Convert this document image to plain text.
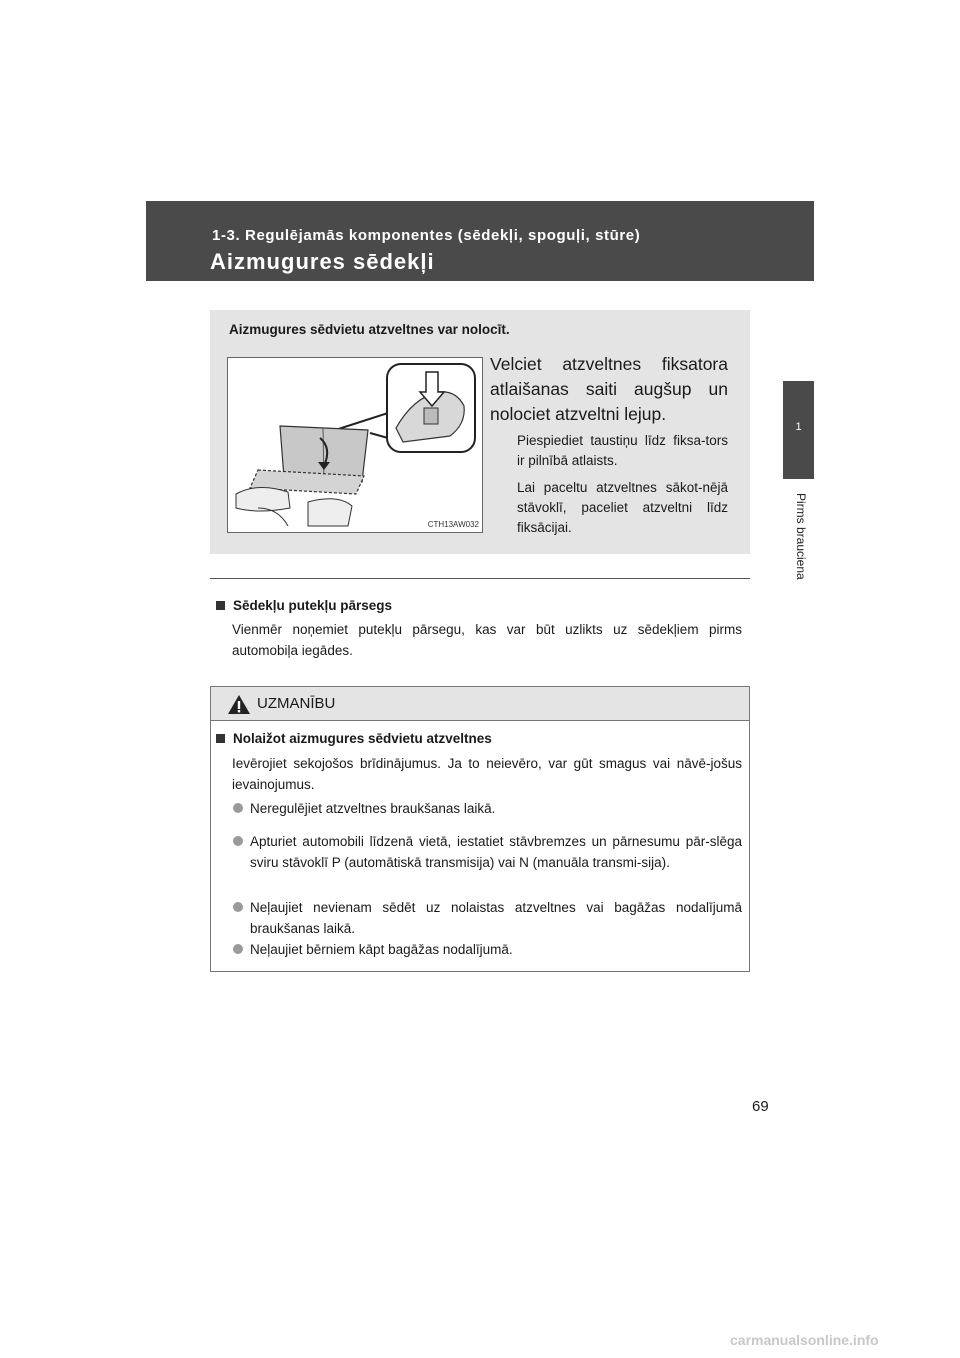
1-3. Regulējamās komponentes (sēdekļi, spoguļi, stūre)
Aizmugures sēdekļi
1
Pirms brauciena
Aizmugures sēdvietu atzveltnes var nolocīt.
CTH13AW032
Velciet atzveltnes fiksatora atlaišanas saiti augšup un nolociet atzveltni lejup.
Piespiediet taustiņu līdz fiksa-tors ir pilnībā atlaists.
Lai paceltu atzveltnes sākot-nējā stāvoklī, paceliet atzveltni līdz fiksācijai.
Sēdekļu putekļu pārsegs
Vienmēr noņemiet putekļu pārsegu, kas var būt uzlikts uz sēdekļiem pirms automobiļa iegādes.
UZMANĪBU
Nolaižot aizmugures sēdvietu atzveltnes
Ievērojiet sekojošos brīdinājumus. Ja to neievēro, var gūt smagus vai nāvē-jošus ievainojumus.
Neregulējiet atzveltnes braukšanas laikā.
Apturiet automobili līdzenā vietā, iestatiet stāvbremzes un pārnesumu pār-slēga sviru stāvoklī P (automātiskā transmisija) vai N (manuāla transmi-sija).
Neļaujiet nevienam sēdēt uz nolaistas atzveltnes vai bagāžas nodalījumā braukšanas laikā.
Neļaujiet bērniem kāpt bagāžas nodalījumā.
69
carmanualsonline.info
